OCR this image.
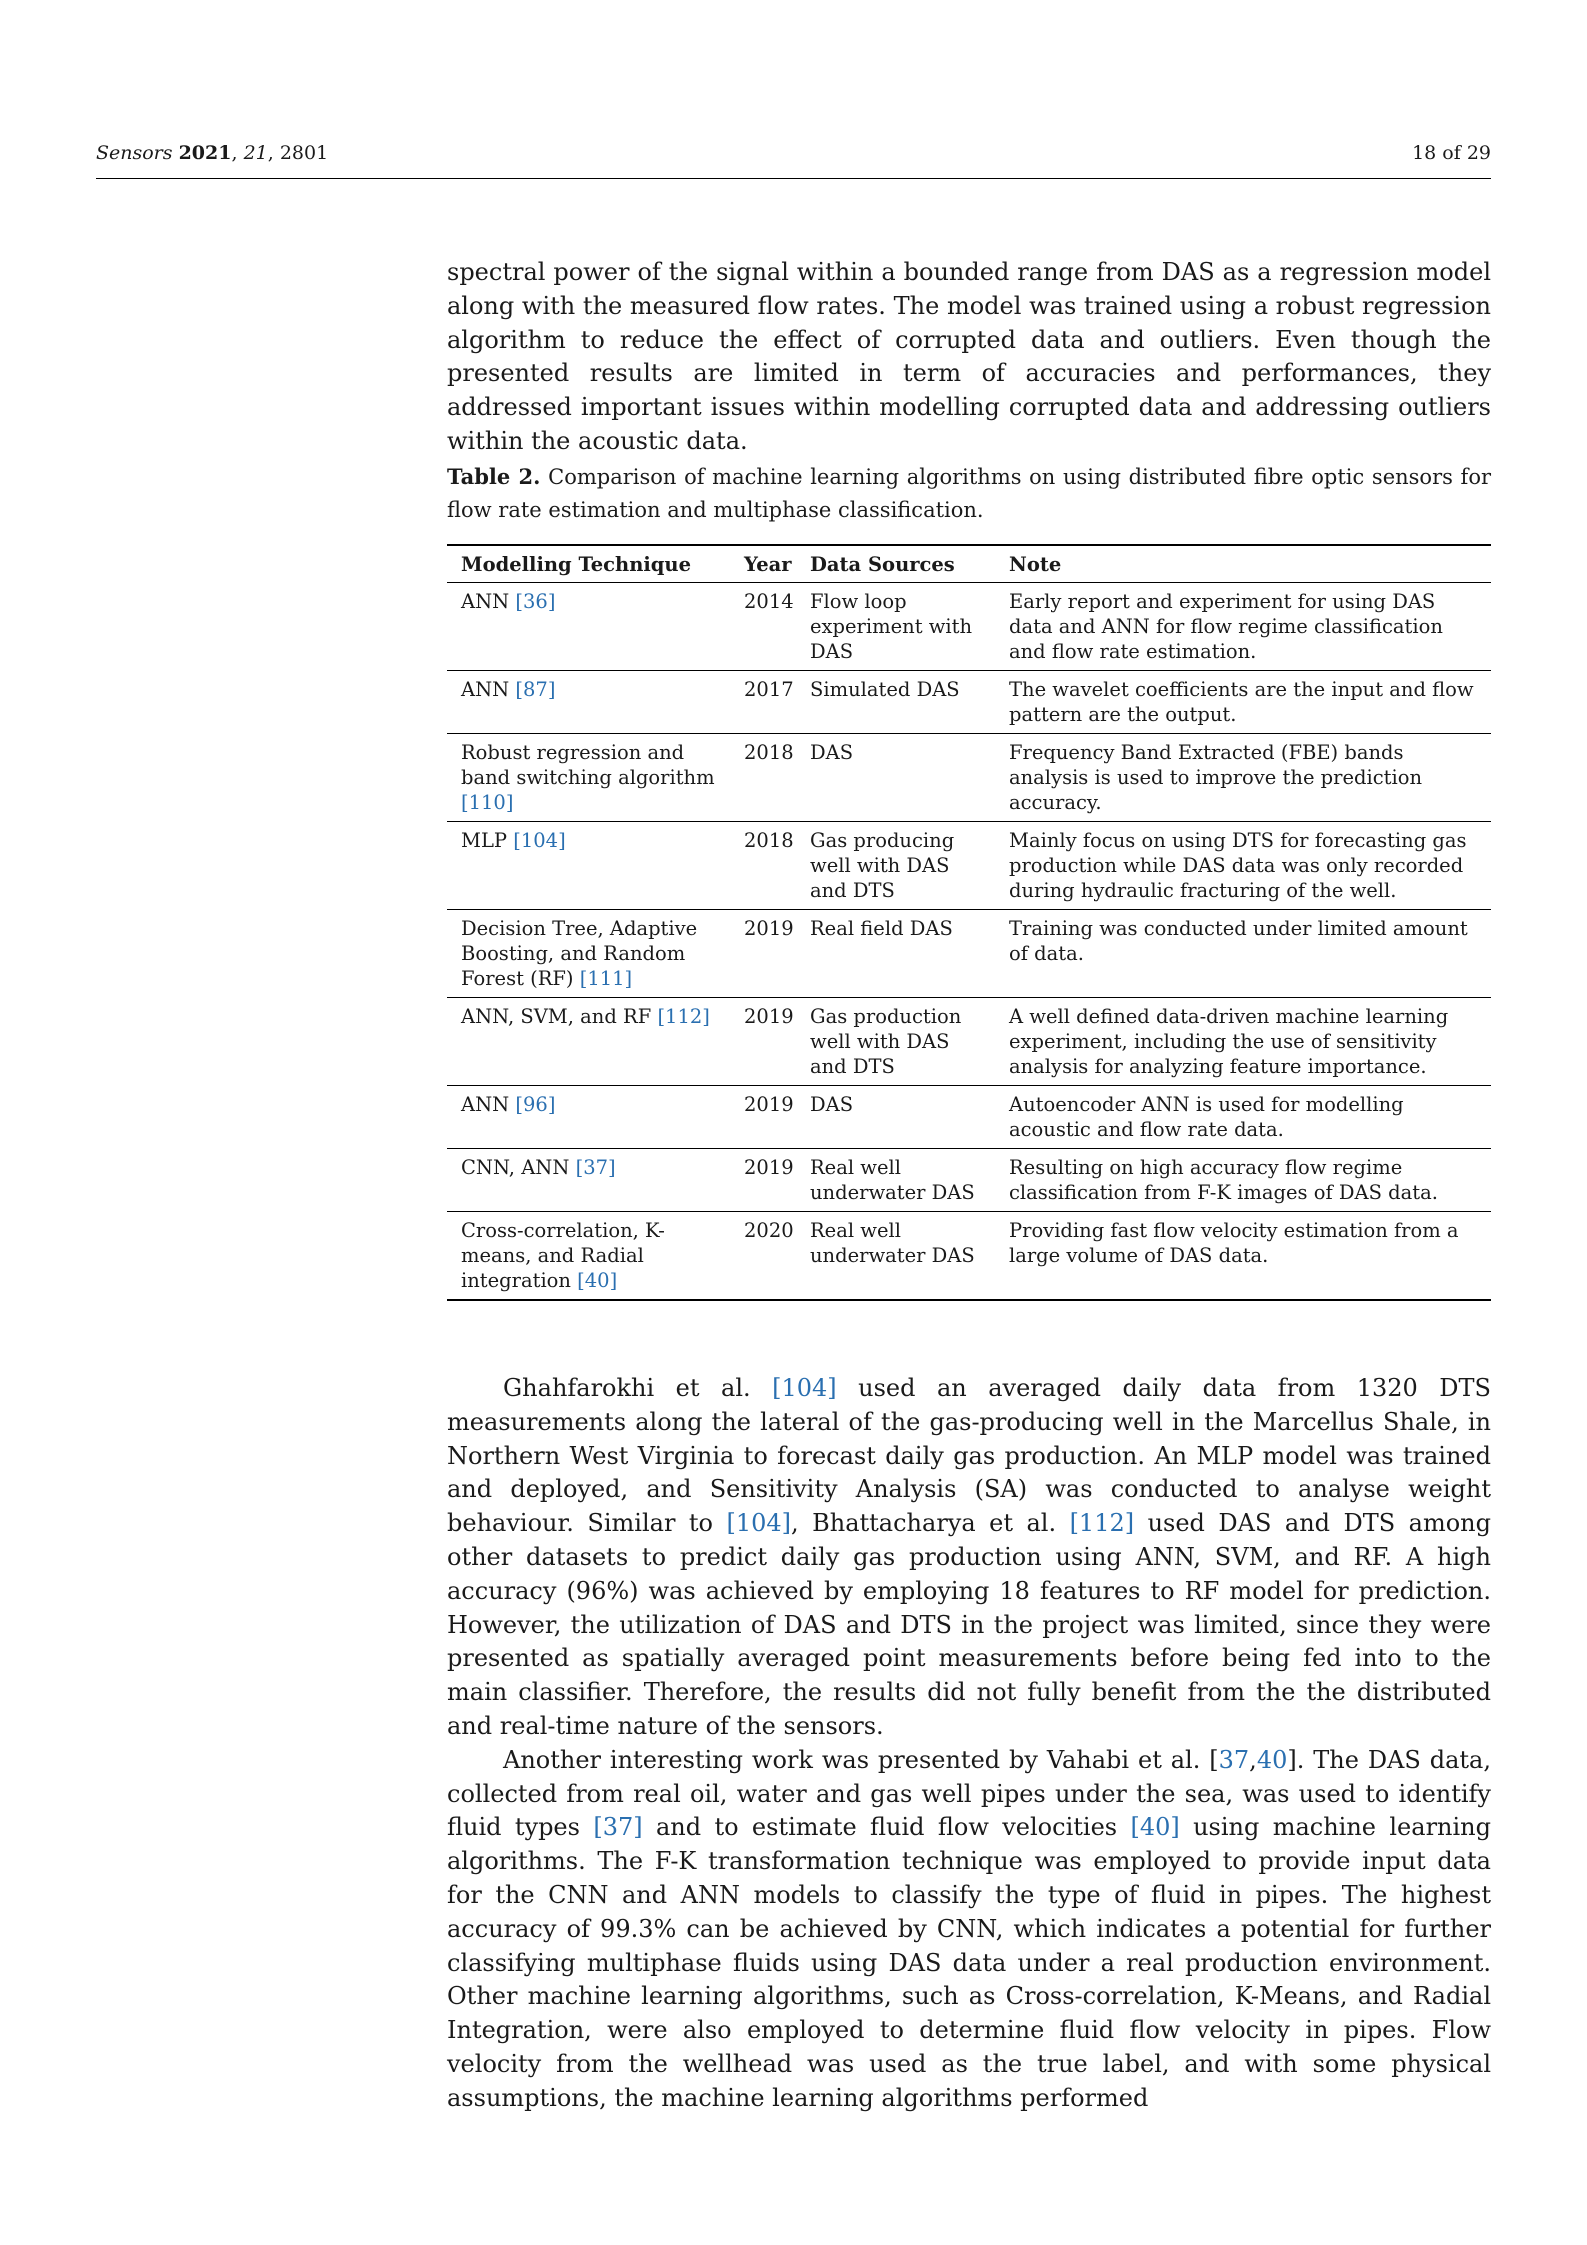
Sensors 2021, 21, 2801	18 of 29

spectral power of the signal within a bounded range from DAS as a regression model along with the measured flow rates. The model was trained using a robust regression algorithm to reduce the effect of corrupted data and outliers. Even though the presented results are limited in term of accuracies and performances, they addressed important issues within modelling corrupted data and addressing outliers within the acoustic data.

Table 2. Comparison of machine learning algorithms on using distributed fibre optic sensors for flow rate estimation and multiphase classification.

Modelling Technique	Year	Data Sources	Note
ANN [36]	2014	Flow loop experiment with DAS	Early report and experiment for using DAS data and ANN for flow regime classification and flow rate estimation.
ANN [87]	2017	Simulated DAS	The wavelet coefficients are the input and flow pattern are the output.
Robust regression and band switching algorithm [110]	2018	DAS	Frequency Band Extracted (FBE) bands analysis is used to improve the prediction accuracy.
MLP [104]	2018	Gas producing well with DAS and DTS	Mainly focus on using DTS for forecasting gas production while DAS data was only recorded during hydraulic fracturing of the well.
Decision Tree, Adaptive Boosting, and Random Forest (RF) [111]	2019	Real field DAS	Training was conducted under limited amount of data.
ANN, SVM, and RF [112]	2019	Gas production well with DAS and DTS	A well defined data-driven machine learning experiment, including the use of sensitivity analysis for analyzing feature importance.
ANN [96]	2019	DAS	Autoencoder ANN is used for modelling acoustic and flow rate data.
CNN, ANN [37]	2019	Real well underwater DAS	Resulting on high accuracy flow regime classification from F-K images of DAS data.
Cross-correlation, K-means, and Radial integration [40]	2020	Real well underwater DAS	Providing fast flow velocity estimation from a large volume of DAS data.

Ghahfarokhi et al. [104] used an averaged daily data from 1320 DTS measurements along the lateral of the gas-producing well in the Marcellus Shale, in Northern West Virginia to forecast daily gas production. An MLP model was trained and deployed, and Sensitivity Analysis (SA) was conducted to analyse weight behaviour. Similar to [104], Bhattacharya et al. [112] used DAS and DTS among other datasets to predict daily gas production using ANN, SVM, and RF. A high accuracy (96%) was achieved by employing 18 features to RF model for prediction. However, the utilization of DAS and DTS in the project was limited, since they were presented as spatially averaged point measurements before being fed into to the main classifier. Therefore, the results did not fully benefit from the the distributed and real-time nature of the sensors.

Another interesting work was presented by Vahabi et al. [37,40]. The DAS data, collected from real oil, water and gas well pipes under the sea, was used to identify fluid types [37] and to estimate fluid flow velocities [40] using machine learning algorithms. The F-K transformation technique was employed to provide input data for the CNN and ANN models to classify the type of fluid in pipes. The highest accuracy of 99.3% can be achieved by CNN, which indicates a potential for further classifying multiphase fluids using DAS data under a real production environment. Other machine learning algorithms, such as Cross-correlation, K-Means, and Radial Integration, were also employed to determine fluid flow velocity in pipes. Flow velocity from the wellhead was used as the true label, and with some physical assumptions, the machine learning algorithms performed
